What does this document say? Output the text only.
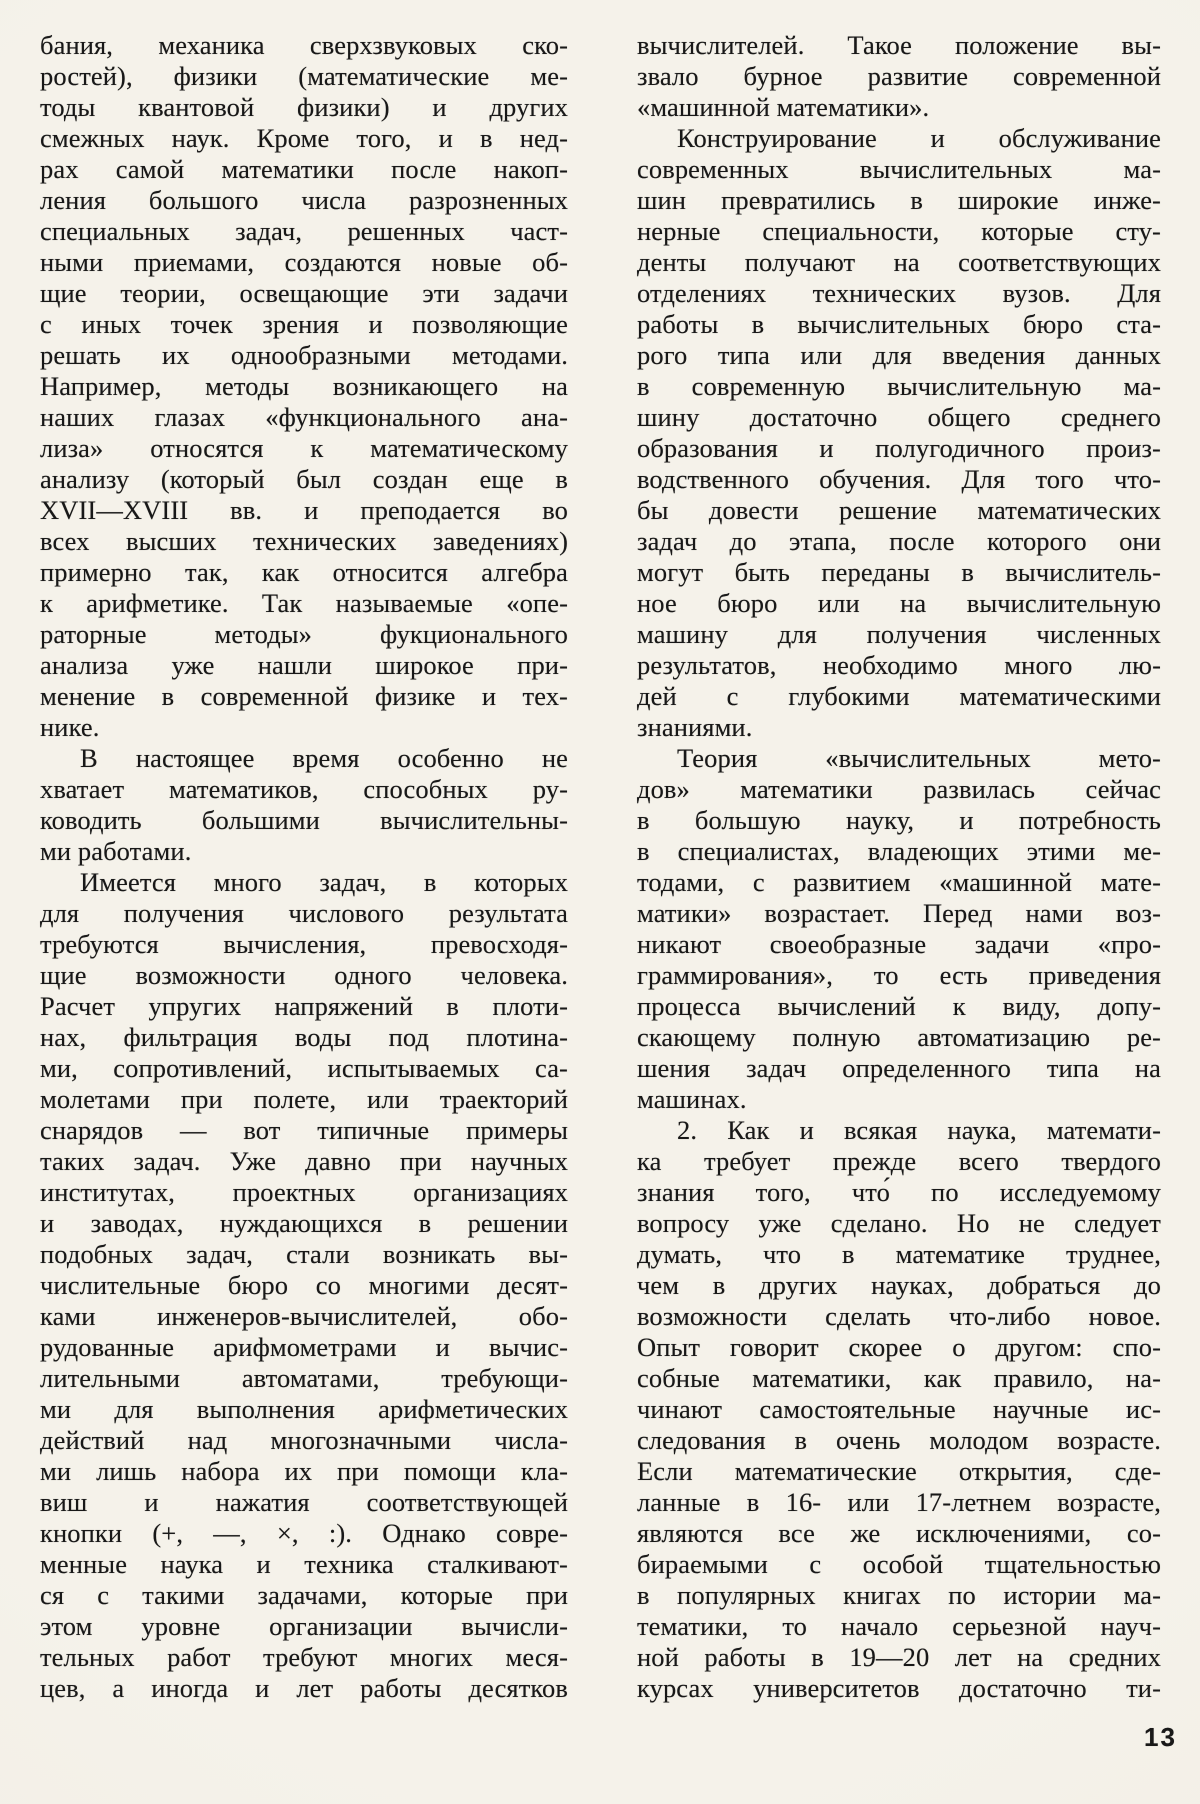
бания, механика сверхзвуковых ско-
ростей), физики (математические ме-
тоды квантовой физики) и других
смежных наук. Кроме того, и в нед-
рах самой математики после накоп-
ления большого числа разрозненных
специальных задач, решенных част-
ными приемами, создаются новые об-
щие теории, освещающие эти задачи
с иных точек зрения и позволяющие
решать их однообразными методами.
Например, методы возникающего на
наших глазах «функционального ана-
лиза» относятся к математическому
анализу (который был создан еще в
XVII—XVIII вв. и преподается во
всех высших технических заведениях)
примерно так, как относится алгебра
к арифметике. Так называемые «опе-
раторные методы» фукционального
анализа уже нашли широкое при-
менение в современной физике и тех-
нике.
В настоящее время особенно не
хватает математиков, способных ру-
ководить большими вычислительны-
ми работами.
Имеется много задач, в которых
для получения числового результата
требуются вычисления, превосходя-
щие возможности одного человека.
Расчет упругих напряжений в плоти-
нах, фильтрация воды под плотина-
ми, сопротивлений, испытываемых са-
молетами при полете, или траекторий
снарядов — вот типичные примеры
таких задач. Уже давно при научных
институтах, проектных организациях
и заводах, нуждающихся в решении
подобных задач, стали возникать вы-
числительные бюро со многими десят-
ками инженеров-вычислителей, обо-
рудованные арифмометрами и вычис-
лительными автоматами, требующи-
ми для выполнения арифметических
действий над многозначными числа-
ми лишь набора их при помощи кла-
виш и нажатия соответствующей
кнопки (+, —, ×, :). Однако совре-
менные наука и техника сталкивают-
ся с такими задачами, которые при
этом уровне организации вычисли-
тельных работ требуют многих меся-
цев, а иногда и лет работы десятков
вычислителей. Такое положение вы-
звало бурное развитие современной
«машинной математики».
Конструирование и обслуживание
современных вычислительных ма-
шин превратились в широкие инже-
нерные специальности, которые сту-
денты получают на соответствующих
отделениях технических вузов. Для
работы в вычислительных бюро ста-
рого типа или для введения данных
в современную вычислительную ма-
шину достаточно общего среднего
образования и полугодичного произ-
водственного обучения. Для того что-
бы довести решение математических
задач до этапа, после которого они
могут быть переданы в вычислитель-
ное бюро или на вычислительную
машину для получения численных
результатов, необходимо много лю-
дей с глубокими математическими
знаниями.
Теория «вычислительных мето-
дов» математики развилась сейчас
в большую науку, и потребность
в специалистах, владеющих этими ме-
тодами, с развитием «машинной мате-
матики» возрастает. Перед нами воз-
никают своеобразные задачи «про-
граммирования», то есть приведения
процесса вычислений к виду, допу-
скающему полную автоматизацию ре-
шения задач определенного типа на
машинах.
2. Как и всякая наука, математи-
ка требует прежде всего твердого
знания того, что́ по исследуемому
вопросу уже сделано. Но не следует
думать, что в математике труднее,
чем в других науках, добраться до
возможности сделать что-либо новое.
Опыт говорит скорее о другом: спо-
собные математики, как правило, на-
чинают самостоятельные научные ис-
следования в очень молодом возрасте.
Если математические открытия, сде-
ланные в 16- или 17-летнем возрасте,
являются все же исключениями, со-
бираемыми с особой тщательностью
в популярных книгах по истории ма-
тематики, то начало серьезной науч-
ной работы в 19—20 лет на средних
курсах университетов достаточно ти-
13
